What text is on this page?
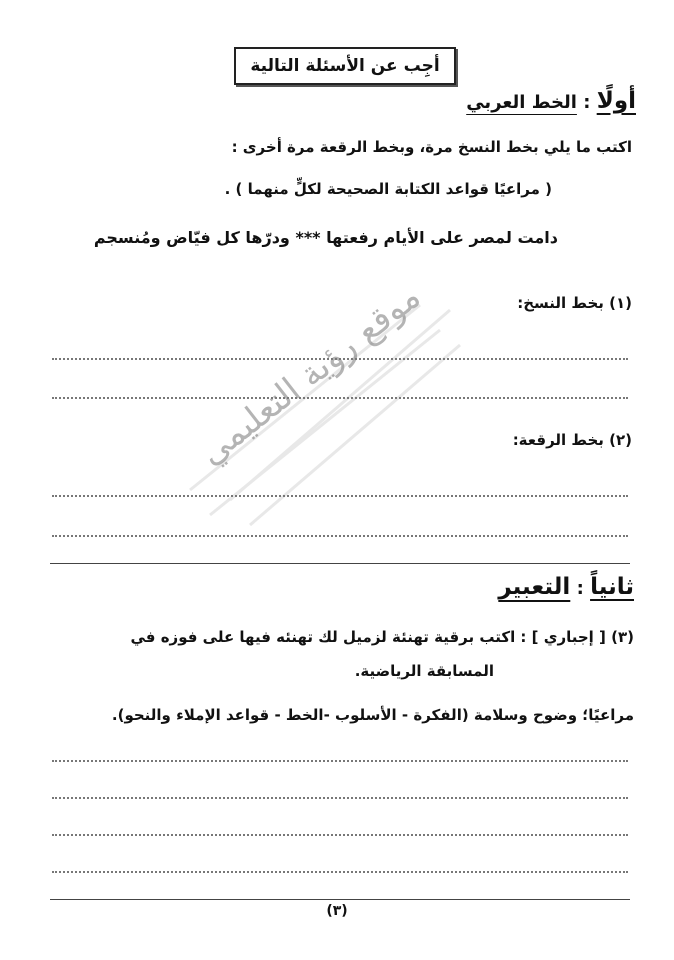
موقع رؤية التعليمي
أجِب عن الأسئلة التالية
أولًا : الخط العربي
اكتب ما يلي بخط النسخ مرة، وبخط الرقعة مرة أخرى :
( مراعيًا قواعد الكتابة الصحيحة لكلٍّ منهما ) .
دامت لمصر على الأيام رفعتها *** ودرّها كل فيّاض ومُنسجم
(١) بخط النسخ:
(٢) بخط الرقعة:
ثانياً : التعبير
(٣) [ إجباري ] : اكتب برقية تهنئة لزميل لك تهنئه فيها على فوزه في
المسابقة الرياضية.
مراعيًا؛ وضوح وسلامة (الفكرة - الأسلوب -الخط - قواعد الإملاء والنحو).
(٣)
